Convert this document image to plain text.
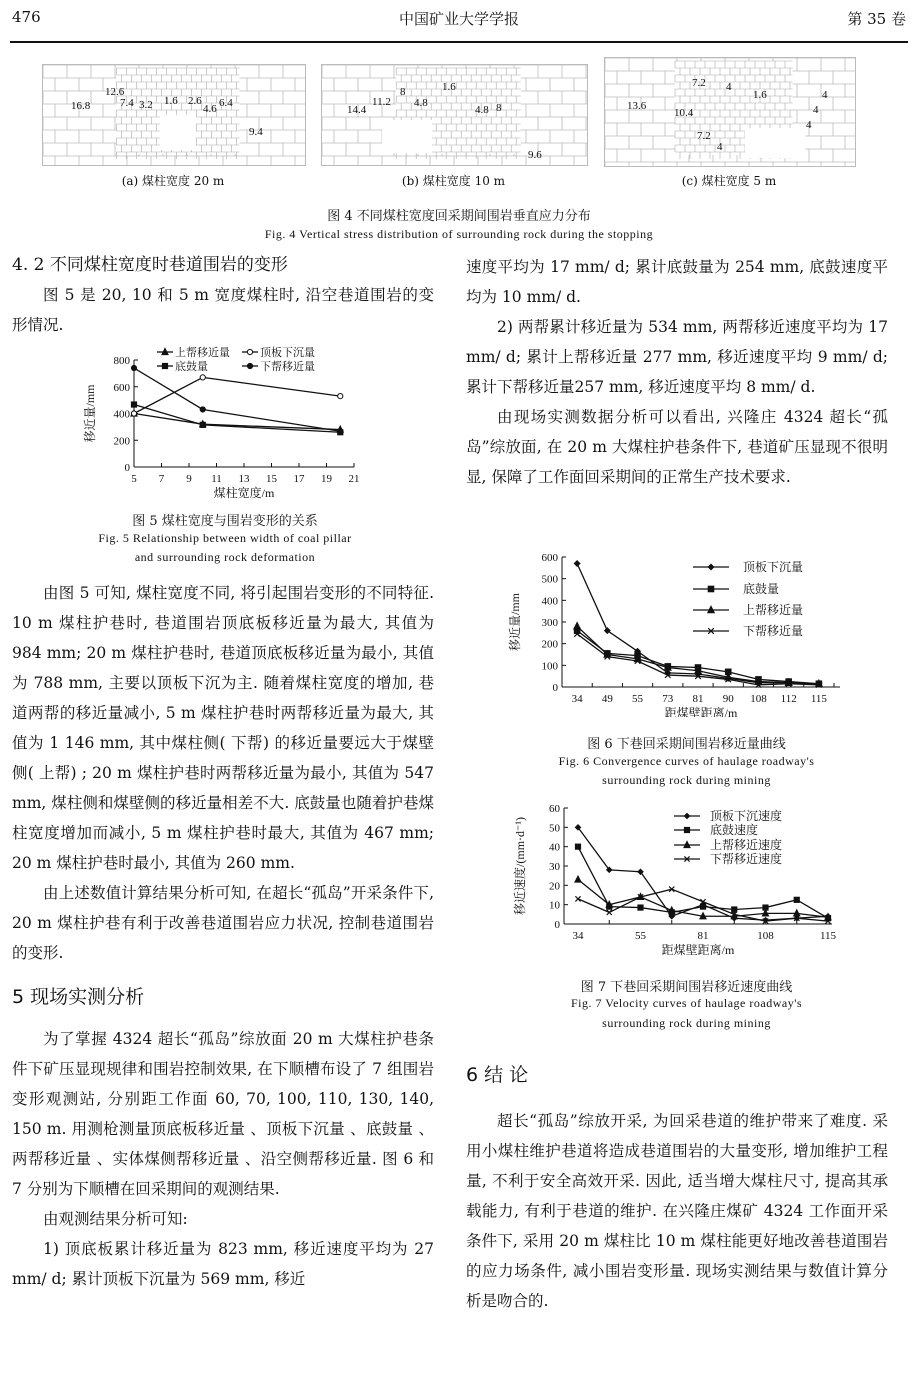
476	中国矿业大学学报	第 35 卷
16.8
12.6
7.4 3.2 1.6 2.6
4.6 6.4
9.4
14.4
11.2
8
4.8
1.6
4.8 8
9.6
13.6
7.2 4
1.6	4
10.4	4
4
7.2
4
(a) 煤柱宽度 20 m	(b) 煤柱宽度 10 m	(c) 煤柱宽度 5 m
图 4 不同煤柱宽度回采期间围岩垂直应力分布
Fig. 4 Vertical stress distribution of surrounding rock during the stopping

4. 2 不同煤柱宽度时巷道围岩的变形

图 5 是 20, 10 和 5 m 宽度煤柱时, 沿空巷道围岩的变形情况.

0
200
400
600
800
5 7 9 11 13 15 17 19 21
煤柱宽度/m
移近量/mm
上帮移近量	顶板下沉量
底鼓量	下帮移近量
图 5 煤柱宽度与围岩变形的关系
Fig. 5 Relationship between width of coal pillar
and surrounding rock deformation

由图 5 可知, 煤柱宽度不同, 将引起围岩变形的不同特征. 10 m 煤柱护巷时, 巷道围岩顶底板移近量为最大, 其值为 984 mm; 20 m 煤柱护巷时, 巷道顶底板移近量为最小, 其值为 788 mm, 主要以顶板下沉为主. 随着煤柱宽度的增加, 巷道两帮的移近量减小, 5 m 煤柱护巷时两帮移近量为最大, 其值为 1 146 mm, 其中煤柱侧( 下帮) 的移近量要远大于煤壁侧( 上帮) ; 20 m 煤柱护巷时两帮移近量为最小, 其值为 547 mm, 煤柱侧和煤壁侧的移近量相差不大. 底鼓量也随着护巷煤柱宽度增加而减小, 5 m 煤柱护巷时最大, 其值为 467 mm; 20 m 煤柱护巷时最小, 其值为 260 mm.

由上述数值计算结果分析可知, 在超长“孤岛”开采条件下, 20 m 煤柱护巷有利于改善巷道围岩应力状况, 控制巷道围岩的变形.

5 现场实测分析

为了掌握 4324 超长“孤岛”综放面 20 m 大煤柱护巷条件下矿压显现规律和围岩控制效果, 在下顺槽布设了 7 组围岩变形观测站, 分别距工作面 60, 70, 100, 110, 130, 140, 150 m. 用测枪测量顶底板移近量 、顶板下沉量 、底鼓量 、两帮移近量 、实体煤侧帮移近量 、沿空侧帮移近量. 图 6 和 7 分别为下顺槽在回采期间的观测结果.

由观测结果分析可知:

1) 顶底板累计移近量为 823 mm, 移近速度平均为 27 mm/ d; 累计顶板下沉量为 569 mm, 移近

速度平均为 17 mm/ d; 累计底鼓量为 254 mm, 底鼓速度平均为 10 mm/ d.

2) 两帮累计移近量为 534 mm, 两帮移近速度平均为 17 mm/ d; 累计上帮移近量 277 mm, 移近速度平均 9 mm/ d; 累计下帮移近量257 mm, 移近速度平均 8 mm/ d.

由现场实测数据分析可以看出, 兴隆庄 4324 超长“孤岛”综放面, 在 20 m 大煤柱护巷条件下, 巷道矿压显现不很明显, 保障了工作面回采期间的正常生产技术要求.

0
100
200
300
400
500
600
34 49 55 73 81 90 108 112 115
距煤壁距离/m
移近量/mm
顶板下沉量
底鼓量
上帮移近量
下帮移近量
图 6 下巷回采期间围岩移近量曲线
Fig. 6 Convergence curves of haulage roadway's
surrounding rock during mining
0
10
20
30
40
50
60
34	55	81	108	115
距煤壁距离/m
移近速度/(mm·d⁻¹)
顶板下沉速度
底鼓速度
上帮移近速度
下帮移近速度
图 7 下巷回采期间围岩移近速度曲线
Fig. 7 Velocity curves of haulage roadway's
surrounding rock during mining

6 结 论

超长“孤岛”综放开采, 为回采巷道的维护带来了难度. 采用小煤柱维护巷道将造成巷道围岩的大量变形, 增加维护工程量, 不利于安全高效开采. 因此, 适当增大煤柱尺寸, 提高其承载能力, 有利于巷道的维护. 在兴隆庄煤矿 4324 工作面开采条件下, 采用 20 m 煤柱比 10 m 煤柱能更好地改善巷道围岩的应力场条件, 减小围岩变形量. 现场实测结果与数值计算分析是吻合的.
